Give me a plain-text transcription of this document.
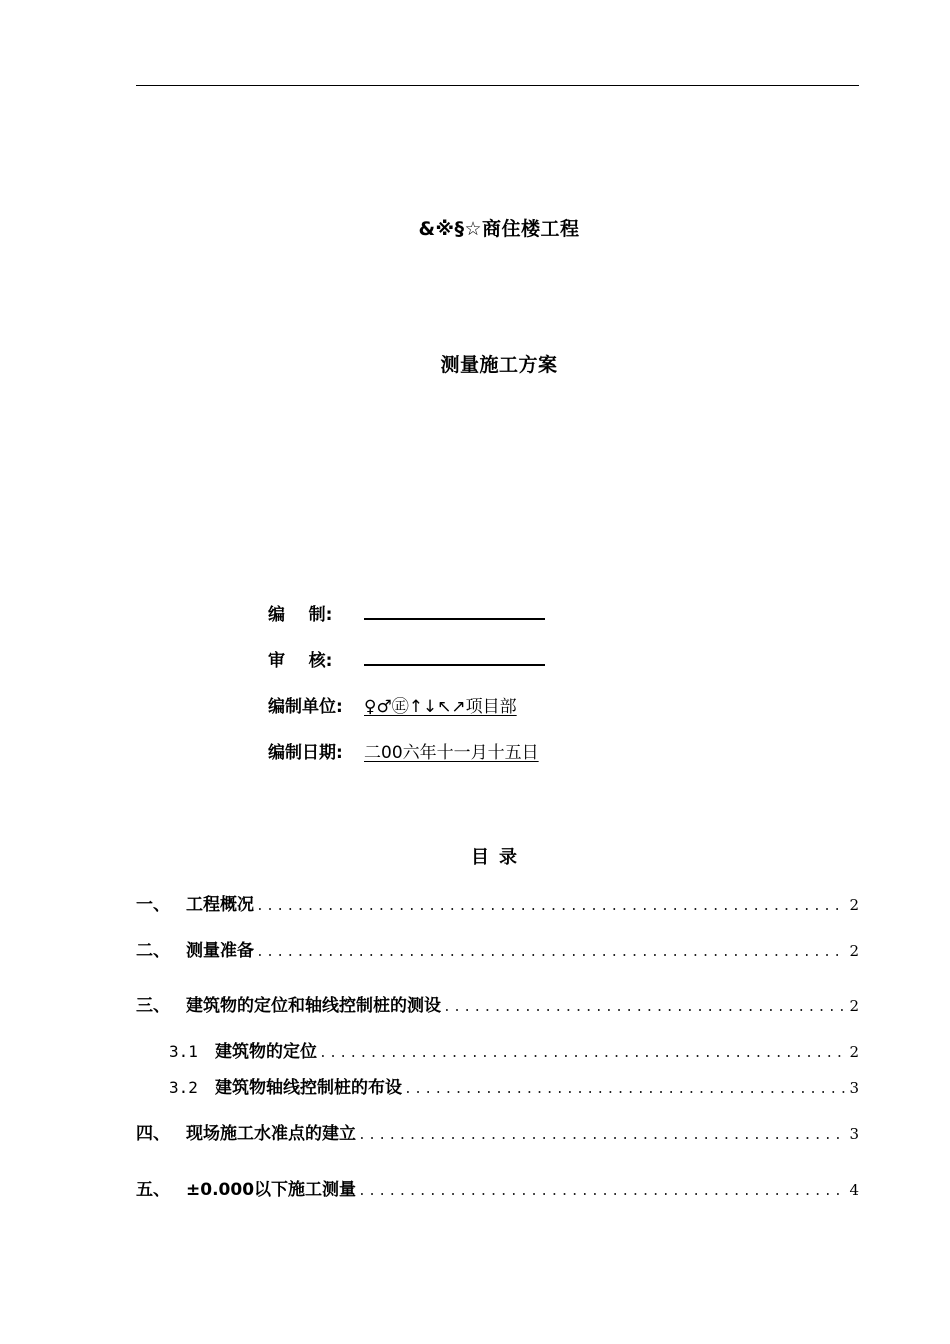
&※§☆商住楼工程
测量施工方案
编    制:
审    核:
编制单位:	♀♂㊣↑↓↖↗项目部
编制日期:	二00六年十一月十五日
目录
一、 工程概况 .....	2
二、 测量准备 .....	2
三、 建筑物的定位和轴线控制桩的测设 .....	2
3.1	建筑物的定位 .....	2
3.2	建筑物轴线控制桩的布设 .....	3
四、 现场施工水准点的建立 .....	3
五、 ±0.000以下施工测量 .....	4
